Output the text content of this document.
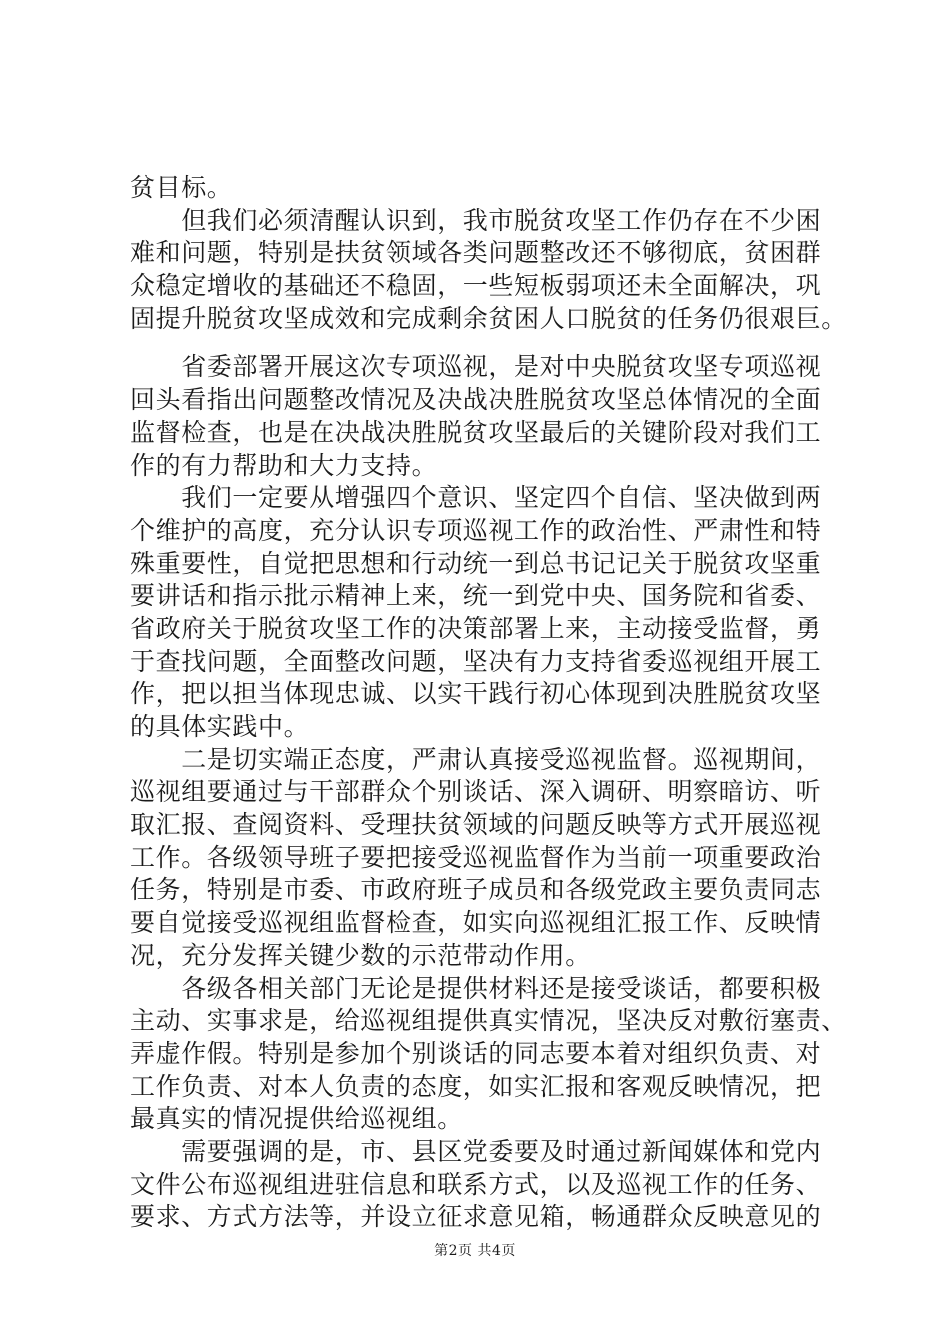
贫目标。
　　但我们必须清醒认识到，我市脱贫攻坚工作仍存在不少困
难和问题，特别是扶贫领域各类问题整改还不够彻底，贫困群
众稳定增收的基础还不稳固，一些短板弱项还未全面解决，巩
固提升脱贫攻坚成效和完成剩余贫困人口脱贫的任务仍很艰巨。
　　省委部署开展这次专项巡视，是对中央脱贫攻坚专项巡视
回头看指出问题整改情况及决战决胜脱贫攻坚总体情况的全面
监督检查，也是在决战决胜脱贫攻坚最后的关键阶段对我们工
作的有力帮助和大力支持。
　　我们一定要从增强四个意识、坚定四个自信、坚决做到两
个维护的高度，充分认识专项巡视工作的政治性、严肃性和特
殊重要性，自觉把思想和行动统一到总书记记关于脱贫攻坚重
要讲话和指示批示精神上来，统一到党中央、国务院和省委、
省政府关于脱贫攻坚工作的决策部署上来，主动接受监督，勇
于查找问题，全面整改问题，坚决有力支持省委巡视组开展工
作，把以担当体现忠诚、以实干践行初心体现到决胜脱贫攻坚
的具体实践中。
　　二是切实端正态度，严肃认真接受巡视监督。巡视期间，
巡视组要通过与干部群众个别谈话、深入调研、明察暗访、听
取汇报、查阅资料、受理扶贫领域的问题反映等方式开展巡视
工作。各级领导班子要把接受巡视监督作为当前一项重要政治
任务，特别是市委、市政府班子成员和各级党政主要负责同志
要自觉接受巡视组监督检查，如实向巡视组汇报工作、反映情
况，充分发挥关键少数的示范带动作用。
　　各级各相关部门无论是提供材料还是接受谈话，都要积极
主动、实事求是，给巡视组提供真实情况，坚决反对敷衍塞责、
弄虚作假。特别是参加个别谈话的同志要本着对组织负责、对
工作负责、对本人负责的态度，如实汇报和客观反映情况，把
最真实的情况提供给巡视组。
　　需要强调的是，市、县区党委要及时通过新闻媒体和党内
文件公布巡视组进驻信息和联系方式，以及巡视工作的任务、
要求、方式方法等，并设立征求意见箱，畅通群众反映意见的
第2页 共4页
